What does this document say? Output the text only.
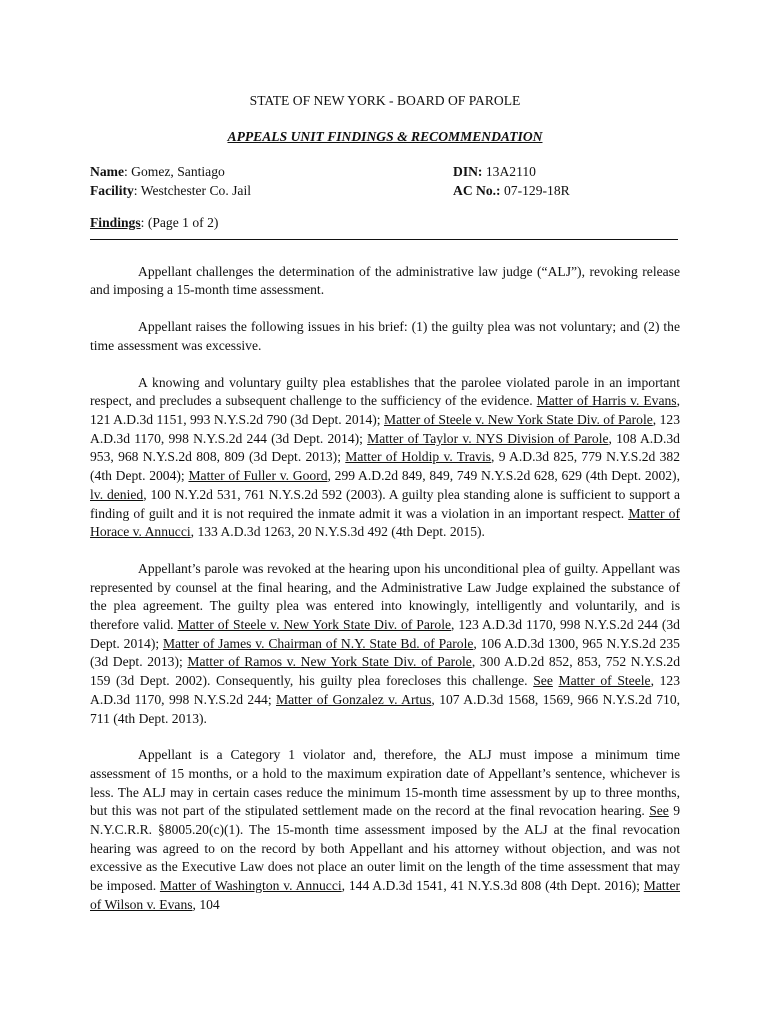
STATE OF NEW YORK - BOARD OF PAROLE
APPEALS UNIT FINDINGS & RECOMMENDATION
Name: Gomez, Santiago
Facility: Westchester Co. Jail
DIN: 13A2110
AC No.: 07-129-18R
Findings: (Page 1 of 2)

Appellant challenges the determination of the administrative law judge (“ALJ”), revoking release and imposing a 15-month time assessment.

Appellant raises the following issues in his brief: (1) the guilty plea was not voluntary; and (2) the time assessment was excessive.

A knowing and voluntary guilty plea establishes that the parolee violated parole in an important respect, and precludes a subsequent challenge to the sufficiency of the evidence. Matter of Harris v. Evans, 121 A.D.3d 1151, 993 N.Y.S.2d 790 (3d Dept. 2014); Matter of Steele v. New York State Div. of Parole, 123 A.D.3d 1170, 998 N.Y.S.2d 244 (3d Dept. 2014); Matter of Taylor v. NYS Division of Parole, 108 A.D.3d 953, 968 N.Y.S.2d 808, 809 (3d Dept. 2013); Matter of Holdip v. Travis, 9 A.D.3d 825, 779 N.Y.S.2d 382 (4th Dept. 2004); Matter of Fuller v. Goord, 299 A.D.2d 849, 849, 749 N.Y.S.2d 628, 629 (4th Dept. 2002), lv. denied, 100 N.Y.2d 531, 761 N.Y.S.2d 592 (2003). A guilty plea standing alone is sufficient to support a finding of guilt and it is not required the inmate admit it was a violation in an important respect. Matter of Horace v. Annucci, 133 A.D.3d 1263, 20 N.Y.S.3d 492 (4th Dept. 2015).

Appellant’s parole was revoked at the hearing upon his unconditional plea of guilty. Appellant was represented by counsel at the final hearing, and the Administrative Law Judge explained the substance of the plea agreement. The guilty plea was entered into knowingly, intelligently and voluntarily, and is therefore valid. Matter of Steele v. New York State Div. of Parole, 123 A.D.3d 1170, 998 N.Y.S.2d 244 (3d Dept. 2014); Matter of James v. Chairman of N.Y. State Bd. of Parole, 106 A.D.3d 1300, 965 N.Y.S.2d 235 (3d Dept. 2013); Matter of Ramos v. New York State Div. of Parole, 300 A.D.2d 852, 853, 752 N.Y.S.2d 159 (3d Dept. 2002). Consequently, his guilty plea forecloses this challenge. See Matter of Steele, 123 A.D.3d 1170, 998 N.Y.S.2d 244; Matter of Gonzalez v. Artus, 107 A.D.3d 1568, 1569, 966 N.Y.S.2d 710, 711 (4th Dept. 2013).

Appellant is a Category 1 violator and, therefore, the ALJ must impose a minimum time assessment of 15 months, or a hold to the maximum expiration date of Appellant’s sentence, whichever is less. The ALJ may in certain cases reduce the minimum 15-month time assessment by up to three months, but this was not part of the stipulated settlement made on the record at the final revocation hearing. See 9 N.Y.C.R.R. §8005.20(c)(1). The 15-month time assessment imposed by the ALJ at the final revocation hearing was agreed to on the record by both Appellant and his attorney without objection, and was not excessive as the Executive Law does not place an outer limit on the length of the time assessment that may be imposed. Matter of Washington v. Annucci, 144 A.D.3d 1541, 41 N.Y.S.3d 808 (4th Dept. 2016); Matter of Wilson v. Evans, 104
